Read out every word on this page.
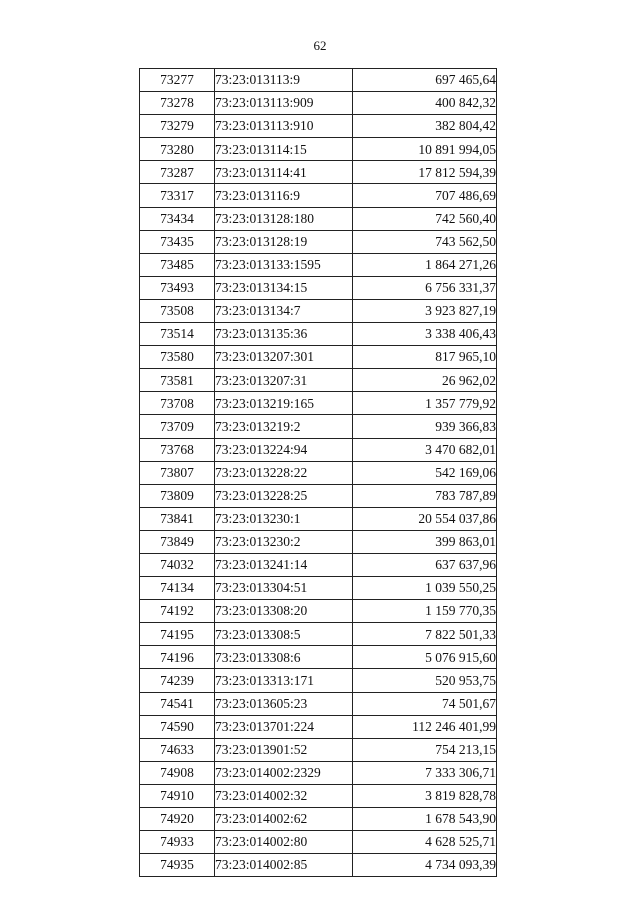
62
73277	73:23:013113:9	697 465,64
73278	73:23:013113:909	400 842,32
73279	73:23:013113:910	382 804,42
73280	73:23:013114:15	10 891 994,05
73287	73:23:013114:41	17 812 594,39
73317	73:23:013116:9	707 486,69
73434	73:23:013128:180	742 560,40
73435	73:23:013128:19	743 562,50
73485	73:23:013133:1595	1 864 271,26
73493	73:23:013134:15	6 756 331,37
73508	73:23:013134:7	3 923 827,19
73514	73:23:013135:36	3 338 406,43
73580	73:23:013207:301	817 965,10
73581	73:23:013207:31	26 962,02
73708	73:23:013219:165	1 357 779,92
73709	73:23:013219:2	939 366,83
73768	73:23:013224:94	3 470 682,01
73807	73:23:013228:22	542 169,06
73809	73:23:013228:25	783 787,89
73841	73:23:013230:1	20 554 037,86
73849	73:23:013230:2	399 863,01
74032	73:23:013241:14	637 637,96
74134	73:23:013304:51	1 039 550,25
74192	73:23:013308:20	1 159 770,35
74195	73:23:013308:5	7 822 501,33
74196	73:23:013308:6	5 076 915,60
74239	73:23:013313:171	520 953,75
74541	73:23:013605:23	74 501,67
74590	73:23:013701:224	112 246 401,99
74633	73:23:013901:52	754 213,15
74908	73:23:014002:2329	7 333 306,71
74910	73:23:014002:32	3 819 828,78
74920	73:23:014002:62	1 678 543,90
74933	73:23:014002:80	4 628 525,71
74935	73:23:014002:85	4 734 093,39
